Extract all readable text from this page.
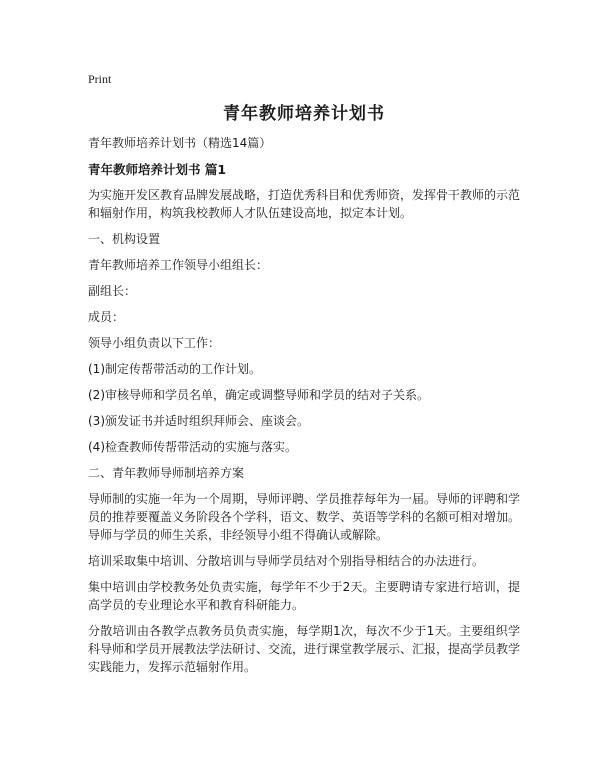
Print
青年教师培养计划书

青年教师培养计划书（精选14篇）

青年教师培养计划书 篇1

为实施开发区教育品牌发展战略，打造优秀科目和优秀师资，发挥骨干教师的示范和辐射作用，构筑我校教师人才队伍建设高地，拟定本计划。

一、机构设置

青年教师培养工作领导小组组长：

副组长：

成员：

领导小组负责以下工作：

(1)制定传帮带活动的工作计划。

(2)审核导师和学员名单，确定或调整导师和学员的结对子关系。

(3)颁发证书并适时组织拜师会、座谈会。

(4)检查教师传帮带活动的实施与落实。

二、青年教师导师制培养方案

导师制的实施一年为一个周期，导师评聘、学员推荐每年为一届。导师的评聘和学员的推荐要覆盖义务阶段各个学科，语文、数学、英语等学科的名额可相对增加。导师与学员的师生关系，非经领导小组不得确认或解除。

培训采取集中培训、分散培训与导师学员结对个别指导相结合的办法进行。

集中培训由学校教务处负责实施，每学年不少于2天。主要聘请专家进行培训，提高学员的专业理论水平和教育科研能力。

分散培训由各教学点教务员负责实施，每学期1次，每次不少于1天。主要组织学科导师和学员开展教法学法研讨、交流，进行课堂教学展示、汇报，提高学员教学实践能力，发挥示范辐射作用。
